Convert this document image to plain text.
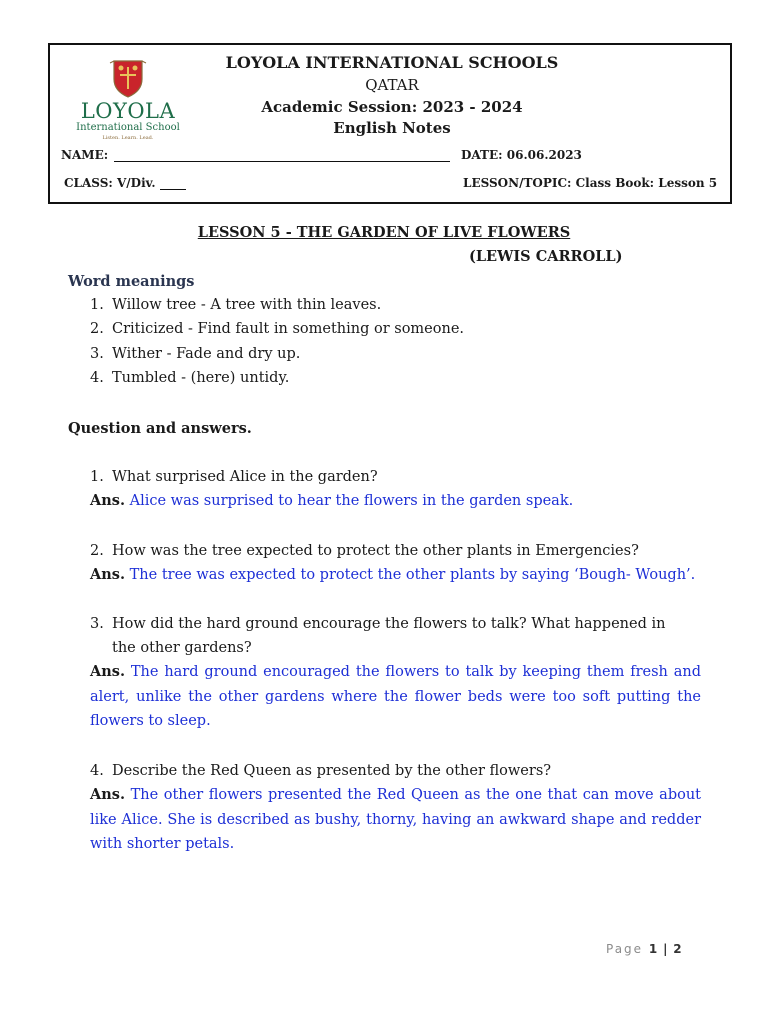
LOYOLA
International School
Listen. Learn. Lead.
LOYOLA INTERNATIONAL SCHOOLS
QATAR
Academic Session: 2023 - 2024
English Notes
NAME:	DATE: 06.06.2023
CLASS: V/Div.	LESSON/TOPIC: Class Book: Lesson 5
LESSON 5 - THE GARDEN OF LIVE FLOWERS
(LEWIS CARROLL)
Word meanings
1. Willow tree - A tree with thin leaves.
2. Criticized - Find fault in something or someone.
3. Wither - Fade and dry up.
4. Tumbled - (here) untidy.
Question and answers.
1. What surprised Alice in the garden?
Ans. Alice was surprised to hear the flowers in the garden speak.
2. How was the tree expected to protect the other plants in Emergencies?
Ans. The tree was expected to protect the other plants by saying ‘Bough- Wough’.
3. How did the hard ground encourage the flowers to talk? What happened in
the other gardens?
Ans. The hard ground encouraged the flowers to talk by keeping them fresh and alert, unlike the other gardens where the flower beds were too soft putting the flowers to sleep.
4. Describe the Red Queen as presented by the other flowers?
Ans. The other flowers presented the Red Queen as the one that can move about like Alice. She is described as bushy, thorny, having an awkward shape and redder with shorter petals.
Page 1 | 2
